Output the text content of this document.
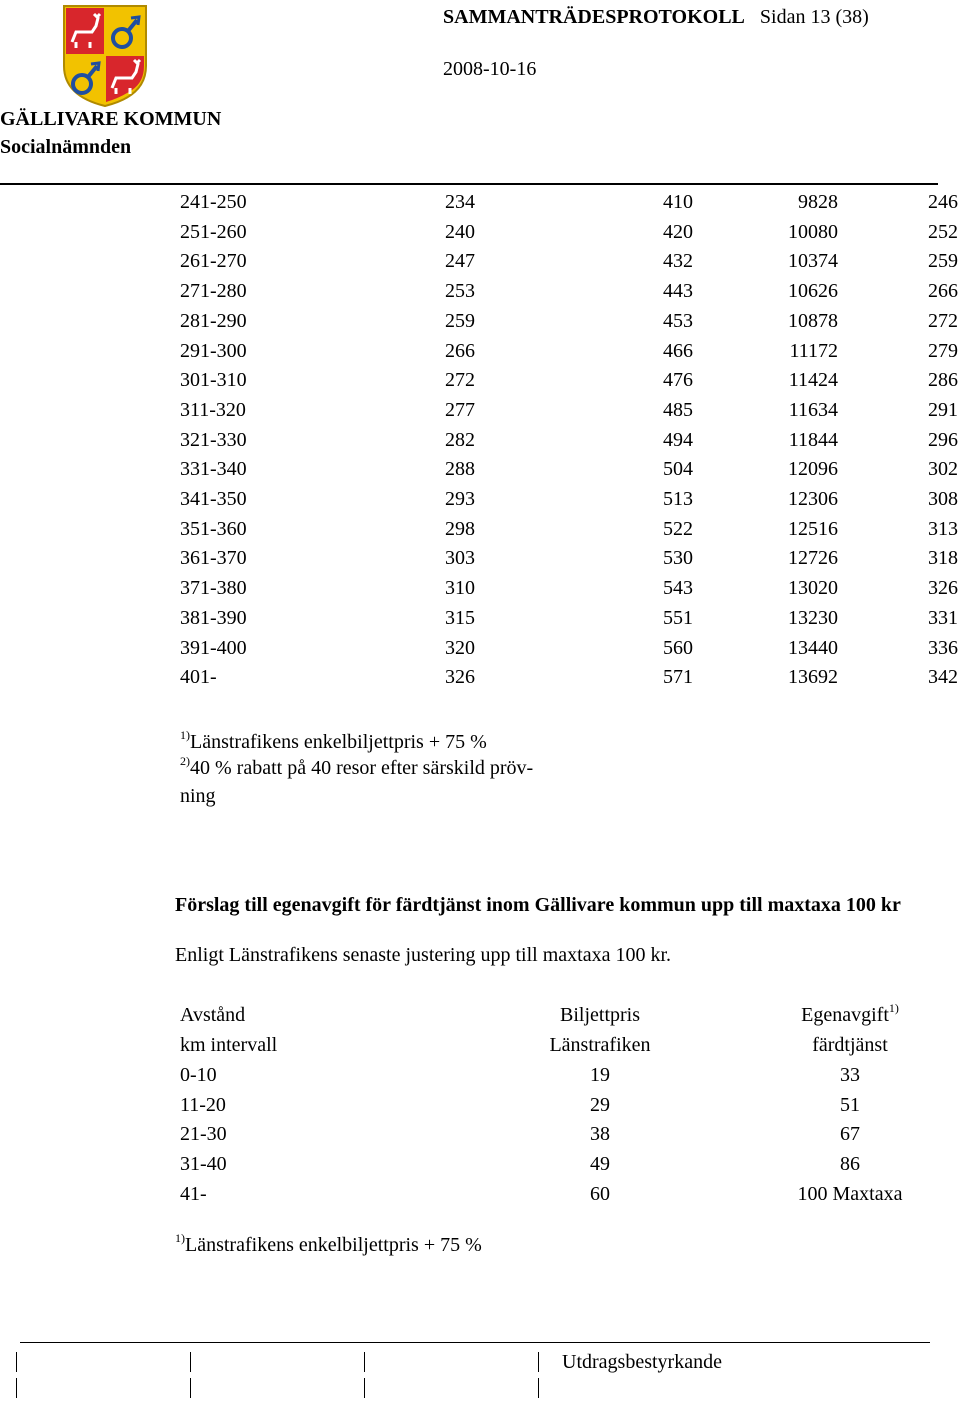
SAMMANTRÄDESPROTOKOLL Sidan 13 (38)
2008-10-16
GÄLLIVARE KOMMUN
Socialnämnden
$^{1)}$Länstrafikens enkelbiljettpris + 75 %
$^{2)}$40 % rabatt på 40 resor efter särskild pröv-
ning
Förslag till egenavgift för färdtjänst inom Gällivare kommun upp till maxtaxa 100 kr
Enligt Länstrafikens senaste justering upp till maxtaxa 100 kr.
Avstånd	Biljettpris	Egenavgift$^{1)}$
km intervall	Länstrafiken	färdtjänst
$^{1)}$Länstrafikens enkelbiljettpris + 75 %
Utdragsbestyrkande
241-250	234	410	9828	246
251-260	240	420	10080	252
261-270	247	432	10374	259
271-280	253	443	10626	266
281-290	259	453	10878	272
291-300	266	466	11172	279
301-310	272	476	11424	286
311-320	277	485	11634	291
321-330	282	494	11844	296
331-340	288	504	12096	302
341-350	293	513	12306	308
351-360	298	522	12516	313
361-370	303	530	12726	318
371-380	310	543	13020	326
381-390	315	551	13230	331
391-400	320	560	13440	336
401-	326	571	13692	342
0-10	19	33
11-20	29	51
21-30	38	67
31-40	49	86
41-	60	100 Maxtaxa
